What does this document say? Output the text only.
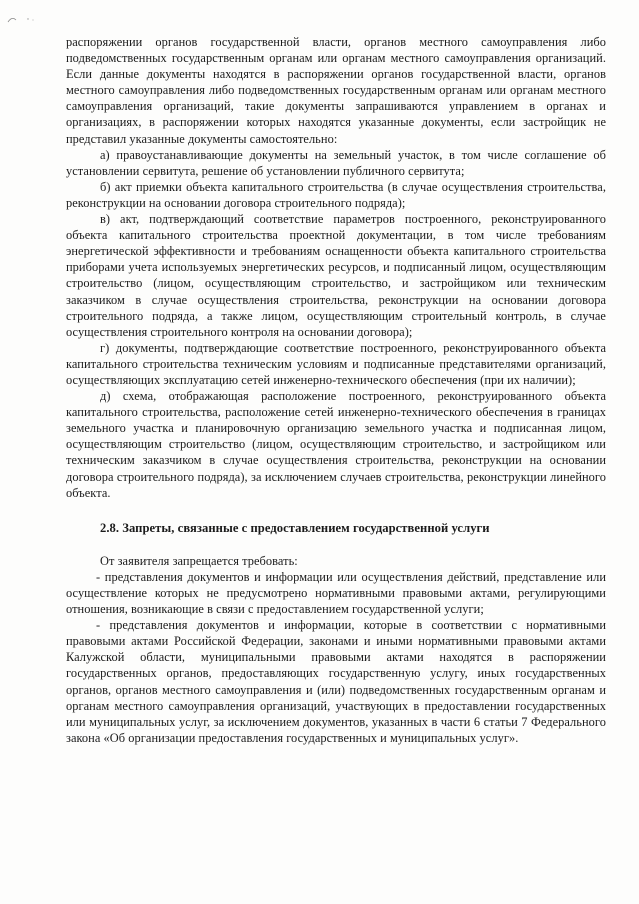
распоряжении органов государственной власти, органов местного самоуправления либо подведомственных государственным органам или органам местного самоуправления организаций. Если данные документы находятся в распоряжении органов государственной власти, органов местного самоуправления либо подведомственных государственным органам или органам местного самоуправления организаций, такие документы запрашиваются управлением в органах и организациях, в распоряжении которых находятся указанные документы, если застройщик не представил указанные документы самостоятельно:

а) правоустанавливающие документы на земельный участок, в том числе соглашение об установлении сервитута, решение об установлении публичного сервитута;

б) акт приемки объекта капитального строительства (в случае осуществления строительства, реконструкции на основании договора строительного подряда);

в) акт, подтверждающий соответствие параметров построенного, реконструированного объекта капитального строительства проектной документации, в том числе требованиям энергетической эффективности и требованиям оснащенности объекта капитального строительства приборами учета используемых энергетических ресурсов, и подписанный лицом, осуществляющим строительство (лицом, осуществляющим строительство, и застройщиком или техническим заказчиком в случае осуществления строительства, реконструкции на основании договора строительного подряда, а также лицом, осуществляющим строительный контроль, в случае осуществления строительного контроля на основании договора);

г) документы, подтверждающие соответствие построенного, реконструированного объекта капитального строительства техническим условиям и подписанные представителями организаций, осуществляющих эксплуатацию сетей инженерно-технического обеспечения (при их наличии);

д) схема, отображающая расположение построенного, реконструированного объекта капитального строительства, расположение сетей инженерно-технического обеспечения в границах земельного участка и планировочную организацию земельного участка и подписанная лицом, осуществляющим строительство (лицом, осуществляющим строительство, и застройщиком или техническим заказчиком в случае осуществления строительства, реконструкции на основании договора строительного подряда), за исключением случаев строительства, реконструкции линейного объекта.

2.8. Запреты, связанные с предоставлением государственной услуги

От заявителя запрещается требовать:

- представления документов и информации или осуществления действий, представление или осуществление которых не предусмотрено нормативными правовыми актами, регулирующими отношения, возникающие в связи с предоставлением государственной услуги;

- представления документов и информации, которые в соответствии с нормативными правовыми актами Российской Федерации, законами и иными нормативными правовыми актами Калужской области, муниципальными правовыми актами находятся в распоряжении государственных органов, предоставляющих государственную услугу, иных государственных органов, органов местного самоуправления и (или) подведомственных государственным органам и органам местного самоуправления организаций, участвующих в предоставлении государственных или муниципальных услуг, за исключением документов, указанных в части 6 статьи 7 Федерального закона «Об организации предоставления государственных и муниципальных услуг».
